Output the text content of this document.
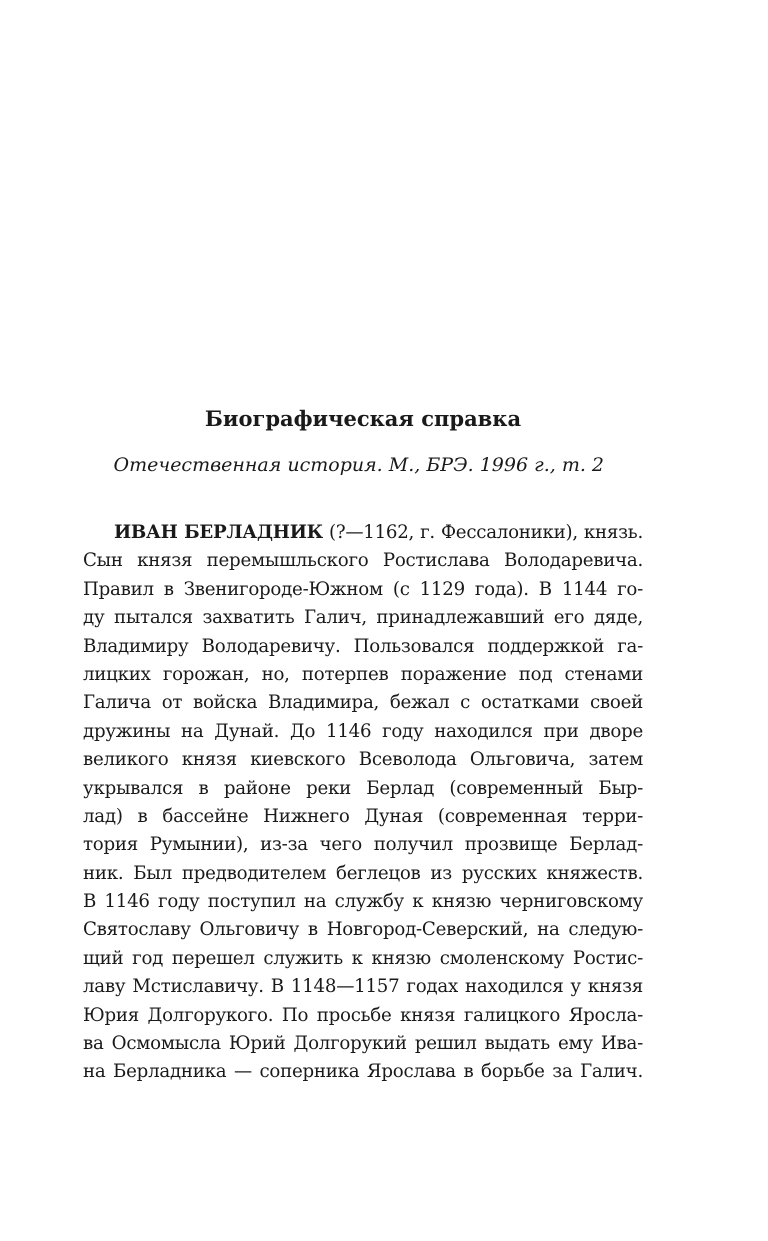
Биографическая справка

Отечественная история. М., БРЭ. 1996 г., т. 2

ИВАН БЕРЛАДНИК (?—1162, г. Фессалоники), князь.
Сын князя перемышльского Ростислава Володаревича.
Правил в Звенигороде-Южном (с 1129 года). В 1144 го-
ду пытался захватить Галич, принадлежавший его дяде,
Владимиру Володаревичу. Пользовался поддержкой га-
лицких горожан, но, потерпев поражение под стенами
Галича от войска Владимира, бежал с остатками своей
дружины на Дунай. До 1146 году находился при дворе
великого князя киевского Всеволода Ольговича, затем
укрывался в районе реки Берлад (современный Быр-
лад) в бассейне Нижнего Дуная (современная терри-
тория Румынии), из-за чего получил прозвище Берлад-
ник. Был предводителем беглецов из русских княжеств.
В 1146 году поступил на службу к князю черниговскому
Святославу Ольговичу в Новгород-Северский, на следую-
щий год перешел служить к князю смоленскому Ростис-
лаву Мстиславичу. В 1148—1157 годах находился у князя
Юрия Долгорукого. По просьбе князя галицкого Яросла-
ва Осмомысла Юрий Долгорукий решил выдать ему Ива-
на Берладника — соперника Ярослава в борьбе за Галич.
